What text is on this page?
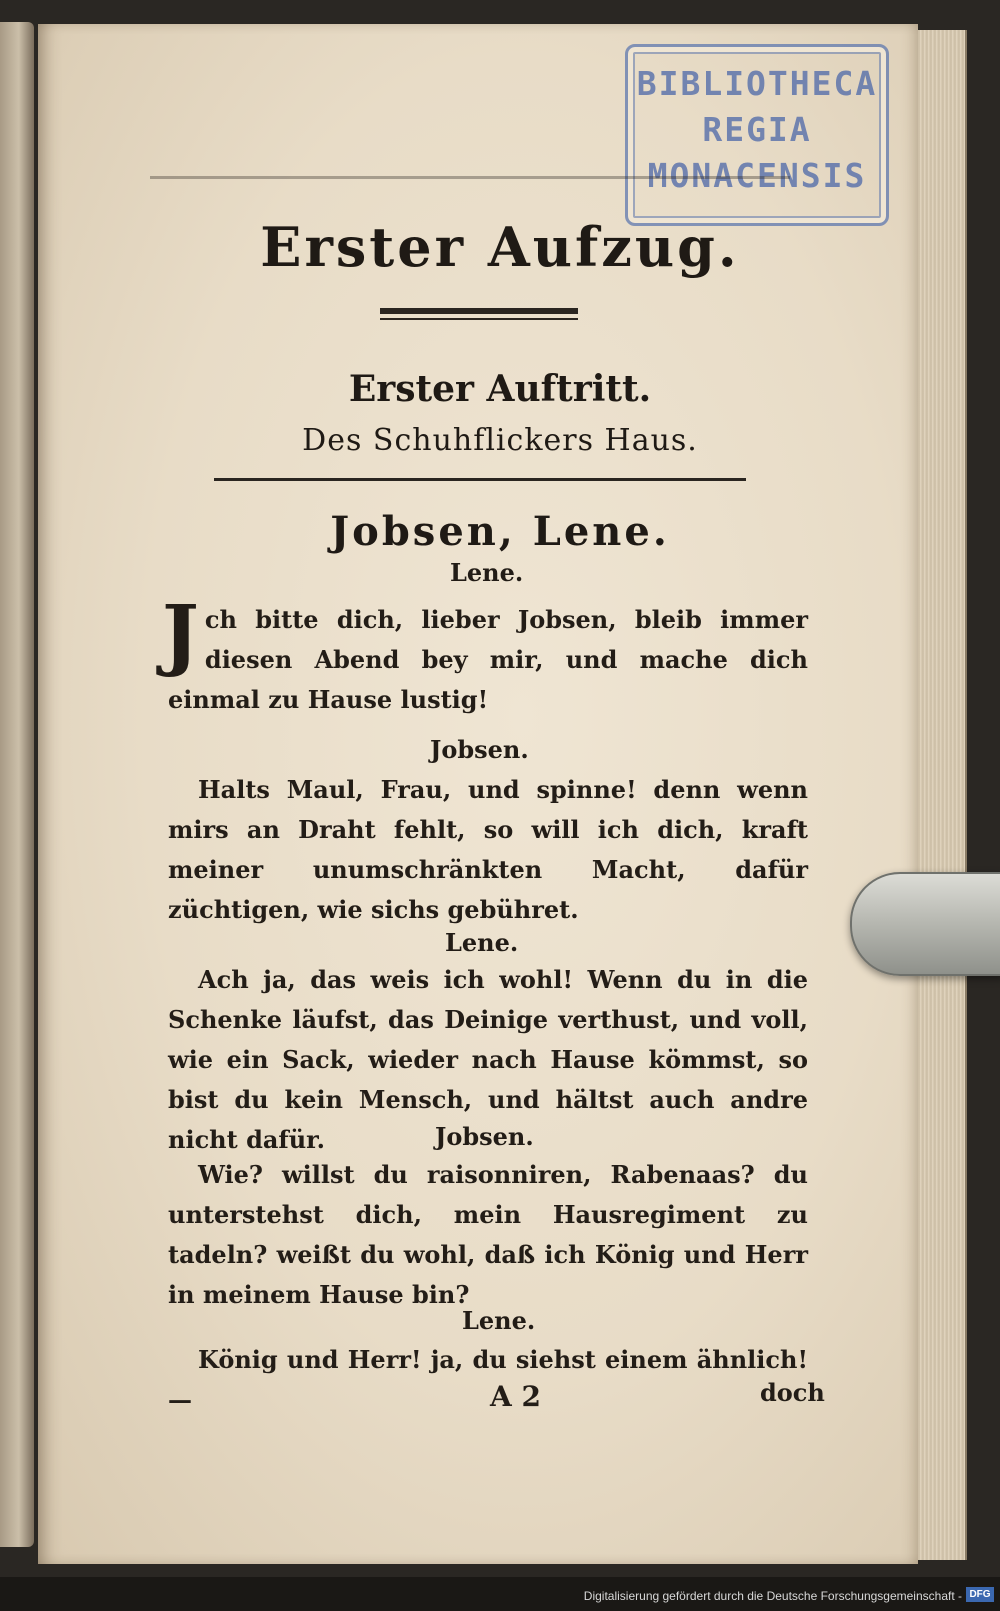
BIBLIOTHECA
REGIA
MONACENSIS
Erster Aufzug.
Erster Auftritt.
Des Schuhflickers Haus.
Jobsen, Lene.
Lene.
Jch bitte dich, lieber Jobsen, bleib immer diesen Abend bey mir, und mache dich einmal zu Hause lustig!
Jobsen.
Halts Maul, Frau, und spinne! denn wenn mirs an Draht fehlt, so will ich dich, kraft meiner unumschränkten Macht, dafür züchtigen, wie sichs gebühret.
Lene.
Ach ja, das weis ich wohl! Wenn du in die Schenke läufst, das Deinige verthust, und voll, wie ein Sack, wieder nach Hause kömmst, so bist du kein Mensch, und hältst auch andre nicht dafür.	Jobsen.
Wie? willst du raisonniren, Rabenaas? du unterstehst dich, mein Hausregiment zu tadeln? weißt du wohl, daß ich König und Herr in meinem Hause bin?
Lene.
König und Herr! ja, du siehst einem ähnlich! —	A 2	doch
Digitalisierung gefördert durch die Deutsche Forschungsgemeinschaft - DFG
